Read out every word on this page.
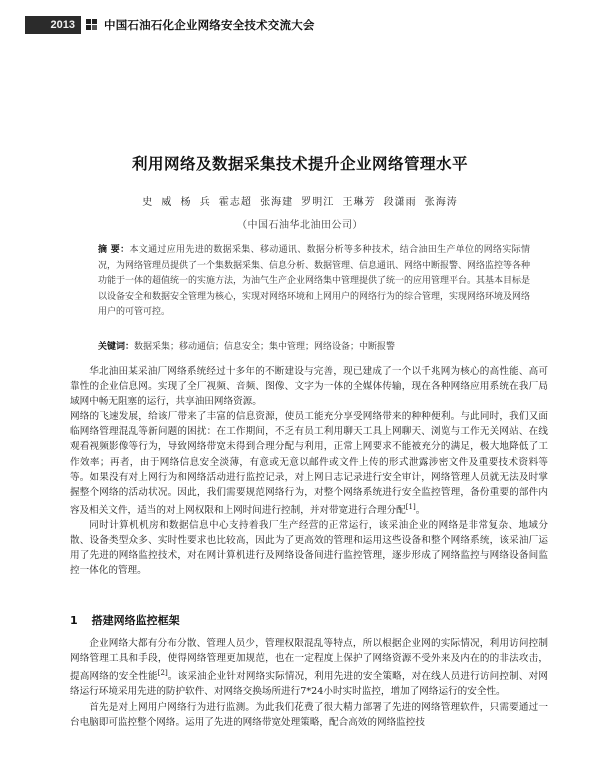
2013	中国石油石化企业网络安全技术交流大会
利用网络及数据采集技术提升企业网络管理水平
史 威 杨 兵 霍志超 张海建 罗明江 王琳芳 段潇雨 张海涛
（中国石油华北油田公司）
摘 要：本文通过应用先进的数据采集、移动通讯、数据分析等多种技术，结合油田生产单位的网络实际情况，为网络管理员提供了一个集数据采集、信息分析、数据管理、信息通讯、网络中断报警、网络监控等各种功能于一体的超值统一的实施方法，为油气生产企业网络集中管理提供了统一的应用管理平台。其基本目标是以设备安全和数据安全管理为核心，实现对网络环境和上网用户的网络行为的综合管理，实现网络环境及网络用户的可管可控。
关键词：数据采集；移动通信；信息安全；集中管理；网络设备；中断报警

华北油田某采油厂网络系统经过十多年的不断建设与完善，现已建成了一个以千兆网为核心的高性能、高可靠性的企业信息网。实现了全厂视频、音频、图像、文字为一体的全媒体传输，现在各种网络应用系统在我厂局域网中畅无阻塞的运行，共享油田网络资源。

网络的飞速发展，给该厂带来了丰富的信息资源，使员工能充分享受网络带来的种种便利。与此同时，我们又面临网络管理混乱等新问题的困扰：在工作期间，不乏有员工利用聊天工具上网聊天、浏览与工作无关网站、在线观看视频影像等行为，导致网络带宽未得到合理分配与利用，正常上网要求不能被充分的满足，极大地降低了工作效率；再者，由于网络信息安全淡薄，有意或无意以邮件或文件上传的形式泄露涉密文件及重要技术资料等等。如果没有对上网行为和网络活动进行监控记录，对上网日志记录进行安全审计，网络管理人员就无法及时掌握整个网络的活动状况。因此，我们需要规范网络行为，对整个网络系统进行安全监控管理，备份重要的部件内容及相关文件，适当的对上网权限和上网时间进行控制，并对带宽进行合理分配

[1]。

同时计算机机房和数据信息中心支持着我厂生产经营的正常运行，该采油企业的网络是非常复杂、地域分散、设备类型众多、实时性要求也比较高，因此为了更高效的管理和运用这些设备和整个网络系统，该采油厂运用了先进的网络监控技术，对在网计算机进行及网络设备间进行监控管理，逐步形成了网络监控与网络设备间监控一体化的管理。

1 搭建网络监控框架

企业网络大都有分布分散、管理人员少，管理权限混乱等特点，所以根据企业网的实际情况，利用访问控制网络管理工具和手段，使得网络管理更加规范，也在一定程度上保护了网络资源不受外来及内在的的非法攻击，提高网络的安全性能[2]。该采油企业针对网络实际情况，利用先进的安全策略，对在线人员进行访问控制、对网络运行环境采用先进的防护软件、对网络交换场所进行7*24小时实时监控，增加了网络运行的安全性。

首先是对上网用户网络行为进行监测。为此我们花费了很大精力部署了先进的网络管理软件，只需要通过一台电脑即可监控整个网络。运用了先进的网络带宽处理策略，配合高效的网络监控技
